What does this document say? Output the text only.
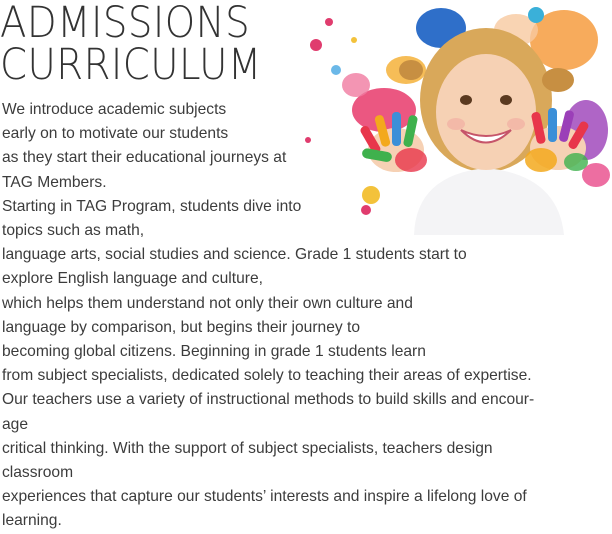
ADMISSIONS
CURRICULUM
We introduce academic subjects
early on to motivate our students
as they start their educational journeys at
TAG Members.
Starting in TAG Program, students dive into
topics such as math,
language arts, social studies and science. Grade 1 students start to
explore English language and culture,
which helps them understand not only their own culture and
language by comparison, but begins their journey to
becoming global citizens. Beginning in grade 1 students learn
from subject specialists, dedicated solely to teaching their areas of expertise.
Our teachers use a variety of instructional methods to build skills and encour-
age
critical thinking. With the support of subject specialists, teachers design
classroom
experiences that capture our students’ interests and inspire a lifelong love of
learning.
